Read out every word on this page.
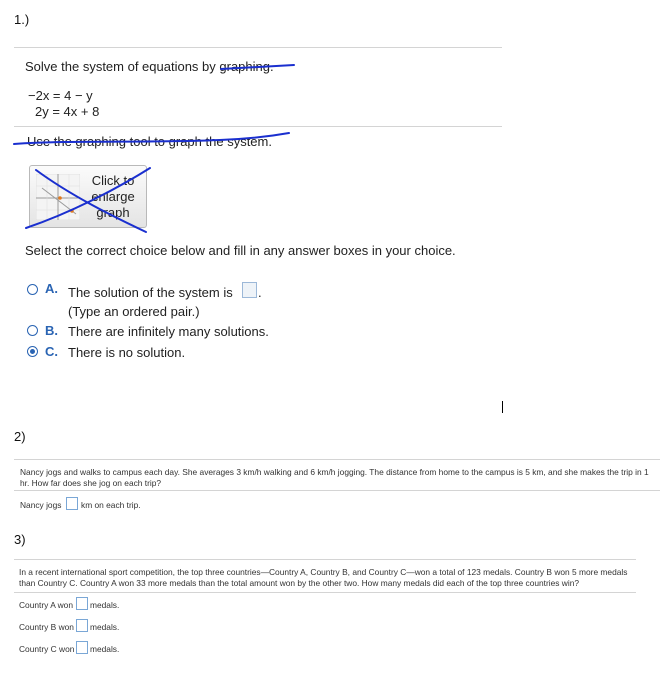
1.)
Solve the system of equations by graphing.
−2x = 4 − y
2y = 4x + 8
Use the graphing tool to graph the system.
Click to enlarge graph
Select the correct choice below and fill in any answer boxes in your choice.
A. The solution of the system is .
(Type an ordered pair.)
B. There are infinitely many solutions.
C. There is no solution.
2)
Nancy jogs and walks to campus each day. She averages 3 km/h walking and 6 km/h jogging. The distance from home to the campus is 5 km, and she makes the trip in 1 hr. How far does she jog on each trip?
Nancy jogs km on each trip.
3)
In a recent international sport competition, the top three countries—Country A, Country B, and Country C—won a total of 123 medals. Country B won 5 more medals than Country C. Country A won 33 more medals than the total amount won by the other two. How many medals did each of the top three countries win?
Country A won medals.
Country B won medals.
Country C won medals.
